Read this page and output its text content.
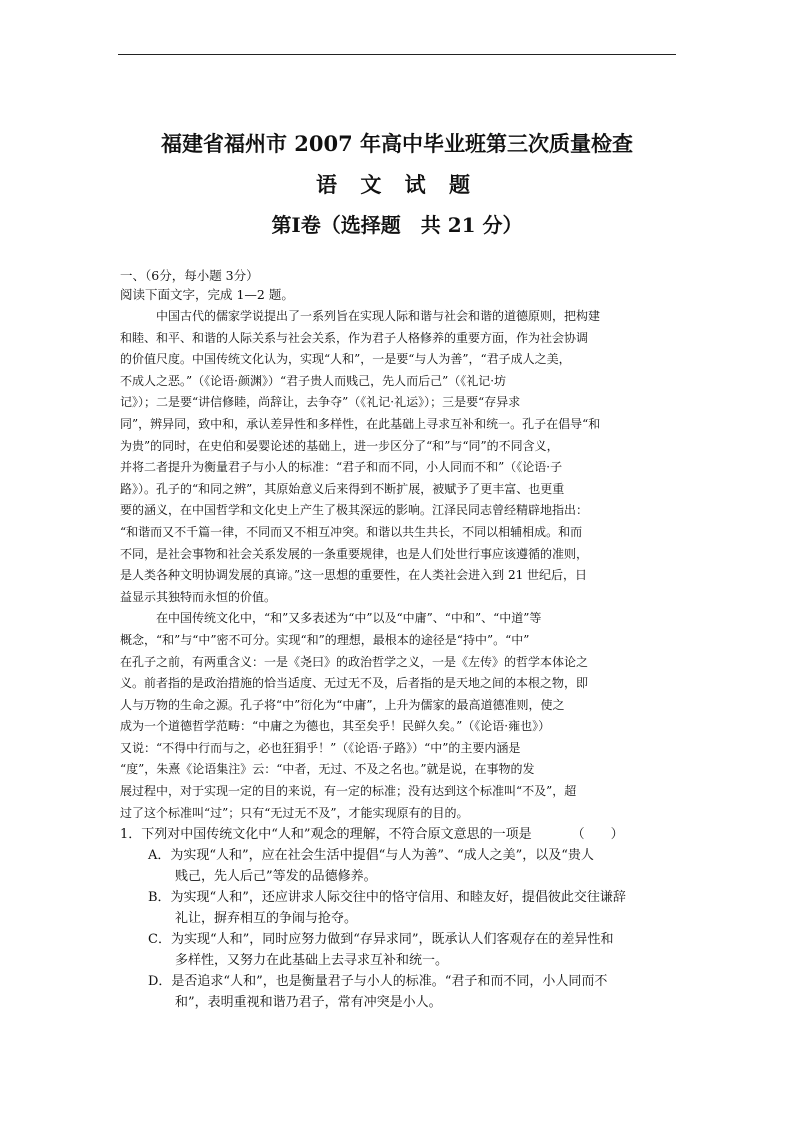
福建省福州市 2007 年高中毕业班第三次质量检查
语 文 试 题
第Ⅰ卷（选择题　共 21 分）
一、（6分，每小题 3分）
阅读下面文字，完成 1—2 题。
中国古代的儒家学说提出了一系列旨在实现人际和谐与社会和谐的道德原则，把构建
和睦、和平、和谐的人际关系与社会关系，作为君子人格修养的重要方面，作为社会协调
的价值尺度。中国传统文化认为，实现“人和”，一是要“与人为善”，“君子成人之美，
不成人之恶。”（《论语·颜渊》）“君子贵人而贱己，先人而后己”（《礼记·坊
记》）；二是要“讲信修睦，尚辞让，去争夺”（《礼记·礼运》）；三是要“存异求
同”，辨异同，致中和，承认差异性和多样性，在此基础上寻求互补和统一。孔子在倡导“和
为贵”的同时，在史伯和晏婴论述的基础上，进一步区分了“和”与“同”的不同含义，
并将二者提升为衡量君子与小人的标准：“君子和而不同，小人同而不和”（《论语·子
路》）。孔子的“和同之辨”，其原始意义后来得到不断扩展，被赋予了更丰富、也更重
要的涵义，在中国哲学和文化史上产生了极其深远的影响。江泽民同志曾经精辟地指出：
“和谐而又不千篇一律，不同而又不相互冲突。和谐以共生共长，不同以相辅相成。和而
不同，是社会事物和社会关系发展的一条重要规律，也是人们处世行事应该遵循的准则，
是人类各种文明协调发展的真谛。”这一思想的重要性，在人类社会进入到 21 世纪后，日
益显示其独特而永恒的价值。
在中国传统文化中，“和”又多表述为“中”以及“中庸”、“中和”、“中道”等
概念，“和”与“中”密不可分。实现“和”的理想，最根本的途径是“持中”。“中”
在孔子之前，有两重含义：一是《尧曰》的政治哲学之义，一是《左传》的哲学本体论之
义。前者指的是政治措施的恰当适度、无过无不及，后者指的是天地之间的本根之物，即
人与万物的生命之源。孔子将“中”衍化为“中庸”，上升为儒家的最高道德准则，使之
成为一个道德哲学范畴：“中庸之为德也，其至矣乎！民鲜久矣。”（《论语·雍也》）
又说：“不得中行而与之，必也狂狷乎！”（《论语·子路》）“中”的主要内涵是
“度”，朱熹《论语集注》云：“中者，无过、不及之名也。”就是说，在事物的发
展过程中，对于实现一定的目的来说，有一定的标准；没有达到这个标准叫“不及”，超
过了这个标准叫“过”；只有“无过无不及”，才能实现原有的目的。
1．下列对中国传统文化中“人和”观念的理解，不符合原文意思的一项是	（　　）
A．为实现“人和”，应在社会生活中提倡“与人为善”、“成人之美”，以及“贵人
贱己，先人后己”等发的品德修养。
B．为实现“人和”，还应讲求人际交往中的恪守信用、和睦友好，提倡彼此交往谦辞
礼让，摒弃相互的争闹与抢夺。
C．为实现“人和”，同时应努力做到“存异求同”，既承认人们客观存在的差异性和
多样性，又努力在此基础上去寻求互补和统一。
D．是否追求“人和”，也是衡量君子与小人的标准。“君子和而不同，小人同而不
和”，表明重视和谐乃君子，常有冲突是小人。
